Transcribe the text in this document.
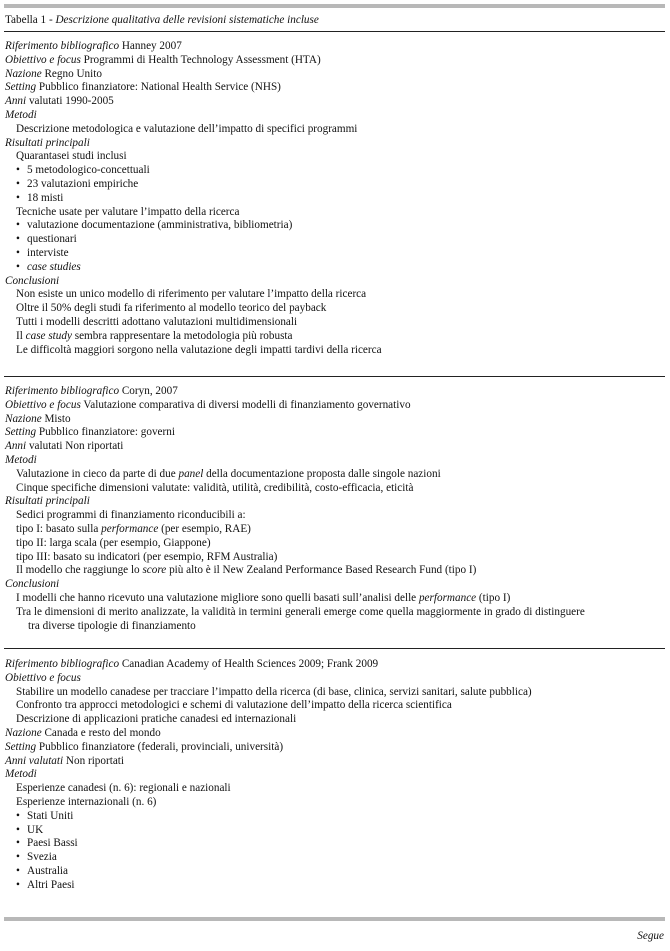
Tabella 1 - Descrizione qualitativa delle revisioni sistematiche incluse
Riferimento bibliografico Hanney 2007
Obiettivo e focus Programmi di Health Technology Assessment (HTA)
Nazione Regno Unito
Setting Pubblico finanziatore: National Health Service (NHS)
Anni valutati 1990-2005
Metodi
Descrizione metodologica e valutazione dell’impatto di specifici programmi
Risultati principali
Quarantasei studi inclusi
• 5 metodologico-concettuali
• 23 valutazioni empiriche
• 18 misti
Tecniche usate per valutare l’impatto della ricerca
• valutazione documentazione (amministrativa, bibliometria)
• questionari
• interviste
• case studies
Conclusioni
Non esiste un unico modello di riferimento per valutare l’impatto della ricerca
Oltre il 50% degli studi fa riferimento al modello teorico del payback
Tutti i modelli descritti adottano valutazioni multidimensionali
Il case study sembra rappresentare la metodologia più robusta
Le difficoltà maggiori sorgono nella valutazione degli impatti tardivi della ricerca
Riferimento bibliografico Coryn, 2007
Obiettivo e focus Valutazione comparativa di diversi modelli di finanziamento governativo
Nazione Misto
Setting Pubblico finanziatore: governi
Anni valutati Non riportati
Metodi
Valutazione in cieco da parte di due panel della documentazione proposta dalle singole nazioni
Cinque specifiche dimensioni valutate: validità, utilità, credibilità, costo-efficacia, eticità
Risultati principali
Sedici programmi di finanziamento riconducibili a:
tipo I: basato sulla performance (per esempio, RAE)
tipo II: larga scala (per esempio, Giappone)
tipo III: basato su indicatori (per esempio, RFM Australia)
Il modello che raggiunge lo score più alto è il New Zealand Performance Based Research Fund (tipo I)
Conclusioni
I modelli che hanno ricevuto una valutazione migliore sono quelli basati sull’analisi delle performance (tipo I)
Tra le dimensioni di merito analizzate, la validità in termini generali emerge come quella maggiormente in grado di distinguere
tra diverse tipologie di finanziamento
Riferimento bibliografico Canadian Academy of Health Sciences 2009; Frank 2009
Obiettivo e focus
Stabilire un modello canadese per tracciare l’impatto della ricerca (di base, clinica, servizi sanitari, salute pubblica)
Confronto tra approcci metodologici e schemi di valutazione dell’impatto della ricerca scientifica
Descrizione di applicazioni pratiche canadesi ed internazionali
Nazione Canada e resto del mondo
Setting Pubblico finanziatore (federali, provinciali, università)
Anni valutati Non riportati
Metodi
Esperienze canadesi (n. 6): regionali e nazionali
Esperienze internazionali (n. 6)
• Stati Uniti
• UK
• Paesi Bassi
• Svezia
• Australia
• Altri Paesi
Segue
